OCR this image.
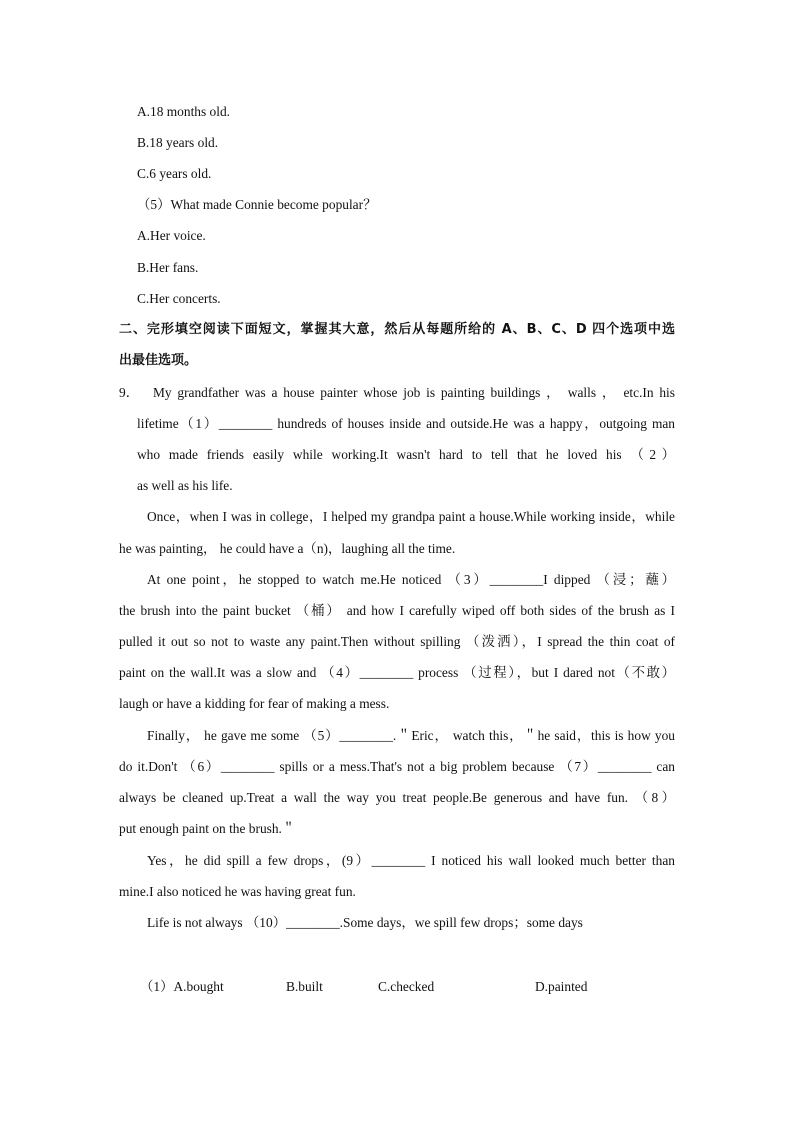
A.18 months old.
B.18 years old.
C.6 years old.
（5）What made Connie become popular？
A.Her voice.
B.Her fans.
C.Her concerts.
二、完形填空阅读下面短文，掌握其大意，然后从每题所给的 A、B、C、D 四个选项中选
出最佳选项。
9． My grandfather was a house painter whose job is painting buildings ， walls ， etc.In his
lifetime（1）________ hundreds of houses inside and outside.He was a happy，outgoing man
who made friends easily while working.It wasn't hard to tell that he loved his （2）
as well as his life.
Once，when I was in college，I helped my grandpa paint a house.While working inside，while
he was painting， he could have a（n)，laughing all the time.
At one point，he stopped to watch me.He noticed （3）________I dipped （浸；蘸）
the brush into the paint bucket （桶） and how I carefully wiped off both sides of the brush as I
pulled it out so not to waste any paint.Then without spilling （泼洒），I spread the thin coat of
paint on the wall.It was a slow and （4）________ process （过程），but I dared not（不敢）
laugh or have a kidding for fear of making a mess.
Finally， he gave me some （5）________.＂Eric， watch this，＂he said，this is how you
do it.Don't （6）________ spills or a mess.That's not a big problem because （7）________ can
always be cleaned up.Treat a wall the way you treat people.Be generous and have fun. （8）
put enough paint on the brush.＂
Yes，he did spill a few drops，(9）________ I noticed his wall looked much better than
mine.I also noticed he was having great fun.
Life is not always （10）________.Some days，we spill few drops；some days
（1）A.bought	B.built	C.checked	D.painted
